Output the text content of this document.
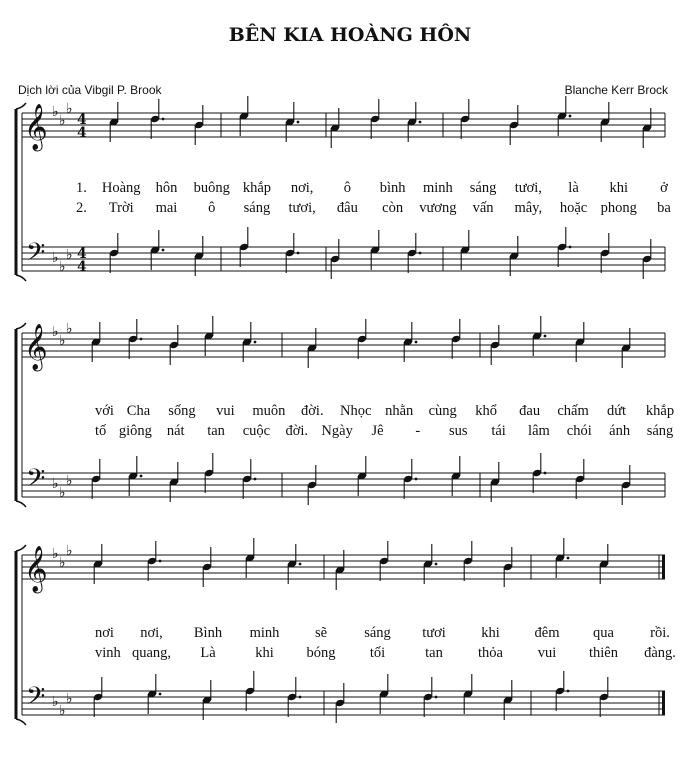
BÊN KIA HOÀNG HÔN
Dịch lời của Vibgil P. Brook	Blanche Kerr Brock
𝄞
𝄢
♭
♭
♭
♭
♭
♭
4
4
4
4
𝄞
𝄢
♭
♭
♭
♭
♭
♭
𝄞
𝄢
♭
♭
♭
♭
♭
♭
1. Hoàng hôn buông khắp nơi, ô bình minh sáng tươi, là khi ở
2. Trời mai ô sáng tươi, đâu còn vương vấn mây, hoặc phong ba
với Cha sống vui muôn đời. Nhọc nhằn cùng khổ đau chấm dứt khắp
tố giông nát tan cuộc đời. Ngày Jê - sus tái lâm chói ánh sáng
nơi nơi, Bình minh sẽ	sáng tươi khi đêm qua rồi.
vinh quang, Là	khi bóng tối	tan thỏa vui thiên đàng.
